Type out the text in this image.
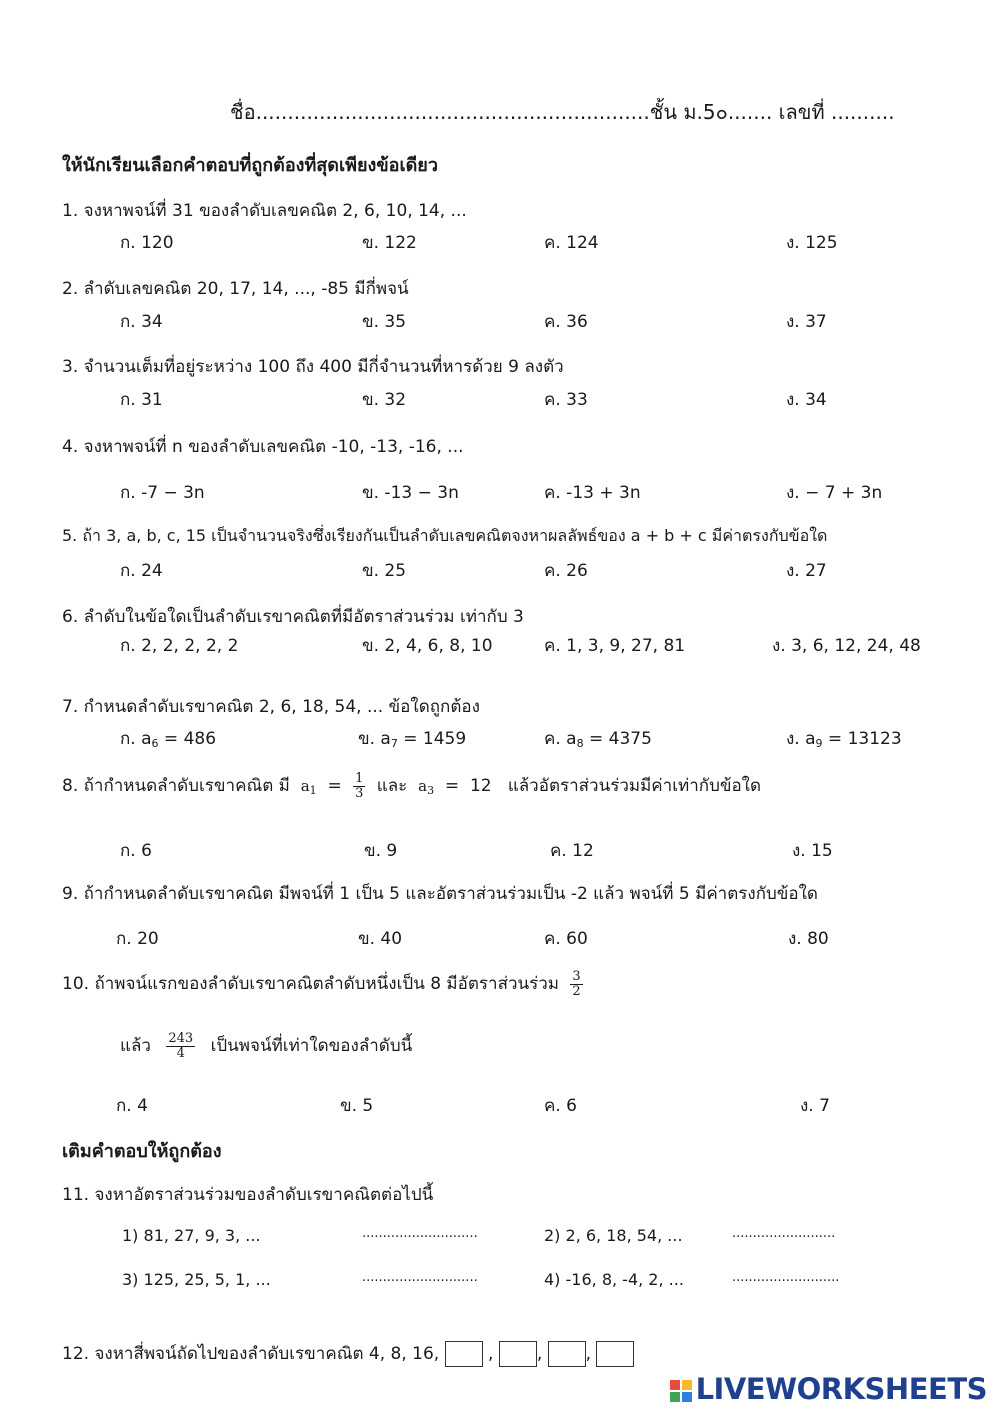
ชื่อ..............................................................ชั้น ม.5๐....... เลขที่ ..........
ให้นักเรียนเลือกคำตอบที่ถูกต้องที่สุดเพียงข้อเดียว
1. จงหาพจน์ที่ 31 ของลำดับเลขคณิต 2, 6, 10, 14, ...
ก. 120	ข. 122	ค. 124	ง. 125
2. ลำดับเลขคณิต 20, 17, 14, ..., -85 มีกี่พจน์
ก. 34	ข. 35	ค. 36	ง. 37
3. จำนวนเต็มที่อยู่ระหว่าง 100 ถึง 400 มีกี่จำนวนที่หารด้วย 9 ลงตัว
ก. 31	ข. 32	ค. 33	ง. 34
4. จงหาพจน์ที่ n ของลำดับเลขคณิต -10, -13, -16, ...
ก. -7 − 3n	ข. -13 − 3n	ค. -13 + 3n	ง. − 7 + 3n
5. ถ้า 3, a, b, c, 15 เป็นจำนวนจริงซึ่งเรียงกันเป็นลำดับเลขคณิตจงหาผลลัพธ์ของ a + b + c มีค่าตรงกับข้อใด
ก. 24	ข. 25	ค. 26	ง. 27
6. ลำดับในข้อใดเป็นลำดับเรขาคณิตที่มีอัตราส่วนร่วม เท่ากับ 3
ก. 2, 2, 2, 2, 2	ข. 2, 4, 6, 8, 10	ค. 1, 3, 9, 27, 81	ง. 3, 6, 12, 24, 48
7. กำหนดลำดับเรขาคณิต 2, 6, 18, 54, ... ข้อใดถูกต้อง
ก. $a_6 = 486$	ข. $a_7 = 1459$	ค. $a_8 = 4375$	ง. $a_9 = 13123$
8. ถ้ากำหนดลำดับเรขาคณิต มี $a_1 = \frac{1}{3}$ และ $a_3 = 12$ แล้วอัตราส่วนร่วมมีค่าเท่ากับข้อใด
ก. 6	ข. 9	ค. 12	ง. 15
9. ถ้ากำหนดลำดับเรขาคณิต มีพจน์ที่ 1 เป็น 5 และอัตราส่วนร่วมเป็น -2 แล้ว พจน์ที่ 5 มีค่าตรงกับข้อใด
ก. 20	ข. 40	ค. 60	ง. 80
10. ถ้าพจน์แรกของลำดับเรขาคณิตลำดับหนึ่งเป็น 8 มีอัตราส่วนร่วม $\frac{3}{2}$
แล้ว $\frac{243}{4}$ เป็นพจน์ที่เท่าใดของลำดับนี้
ก. 4	ข. 5	ค. 6	ง. 7
เติมคำตอบให้ถูกต้อง
11. จงหาอัตราส่วนร่วมของลำดับเรขาคณิตต่อไปนี้
1) 81, 27, 9, 3, ...	............................	2) 2, 6, 18, 54, ...	.........................
3) 125, 25, 5, 1, ...	............................	4) -16, 8, -4, 2, ...	..........................
12. จงหาสี่พจน์ถัดไปของลำดับเรขาคณิต 4, 8, 16,	,	,	,
LIVEWORKSHEETS
